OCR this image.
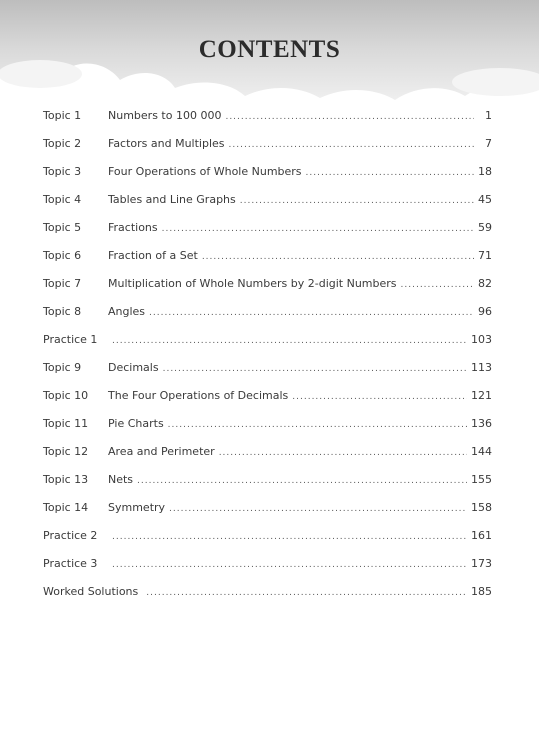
CONTENTS
Topic 1	Numbers to 100 000 .....	1
Topic 2	Factors and Multiples .....	7
Topic 3	Four Operations of Whole Numbers .....	18
Topic 4	Tables and Line Graphs .....	45
Topic 5	Fractions .....	59
Topic 6	Fraction of a Set .....	71
Topic 7	Multiplication of Whole Numbers by 2-digit Numbers .....	82
Topic 8	Angles .....	96
Practice 1 .....	103
Topic 9	Decimals .....	113
Topic 10	The Four Operations of Decimals .....	121
Topic 11	Pie Charts .....	136
Topic 12	Area and Perimeter .....	144
Topic 13	Nets .....	155
Topic 14	Symmetry .....	158
Practice 2 .....	161
Practice 3 .....	173
Worked Solutions .....	185
